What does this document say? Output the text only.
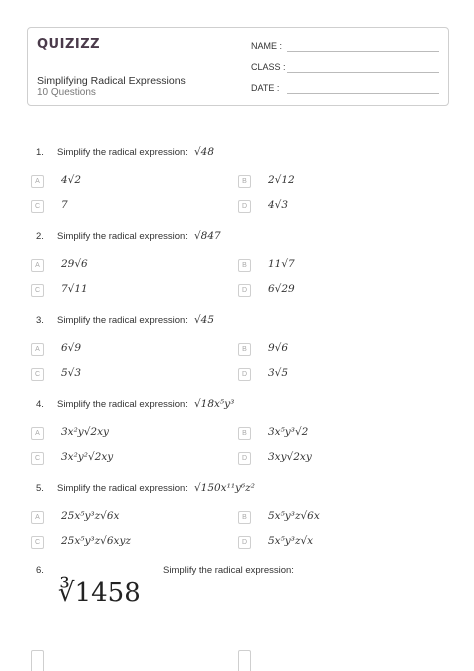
QUIZIZZ
Simplifying Radical Expressions
10 Questions
NAME :
CLASS :
DATE :
1. Simplify the radical expression: √48
A	4√2	B	2√12
C	7	D	4√3
2. Simplify the radical expression: √847
A	29√6	B	11√7
C	7√11	D	6√29
3. Simplify the radical expression: √45
A	6√9	B	9√6
C	5√3	D	3√5
4. Simplify the radical expression: √18x⁵y³
A	3x²y√2xy	B	3x⁵y³√2
C	3x²y²√2xy	D	3xy√2xy
5. Simplify the radical expression: √150x¹¹y⁶z²
A	25x⁵y³z√6x	B	5x⁵y³z√6x
C	25x⁵y³z√6xyz	D	5x⁵y³z√x
6.
∛1458
Simplify the radical expression:
